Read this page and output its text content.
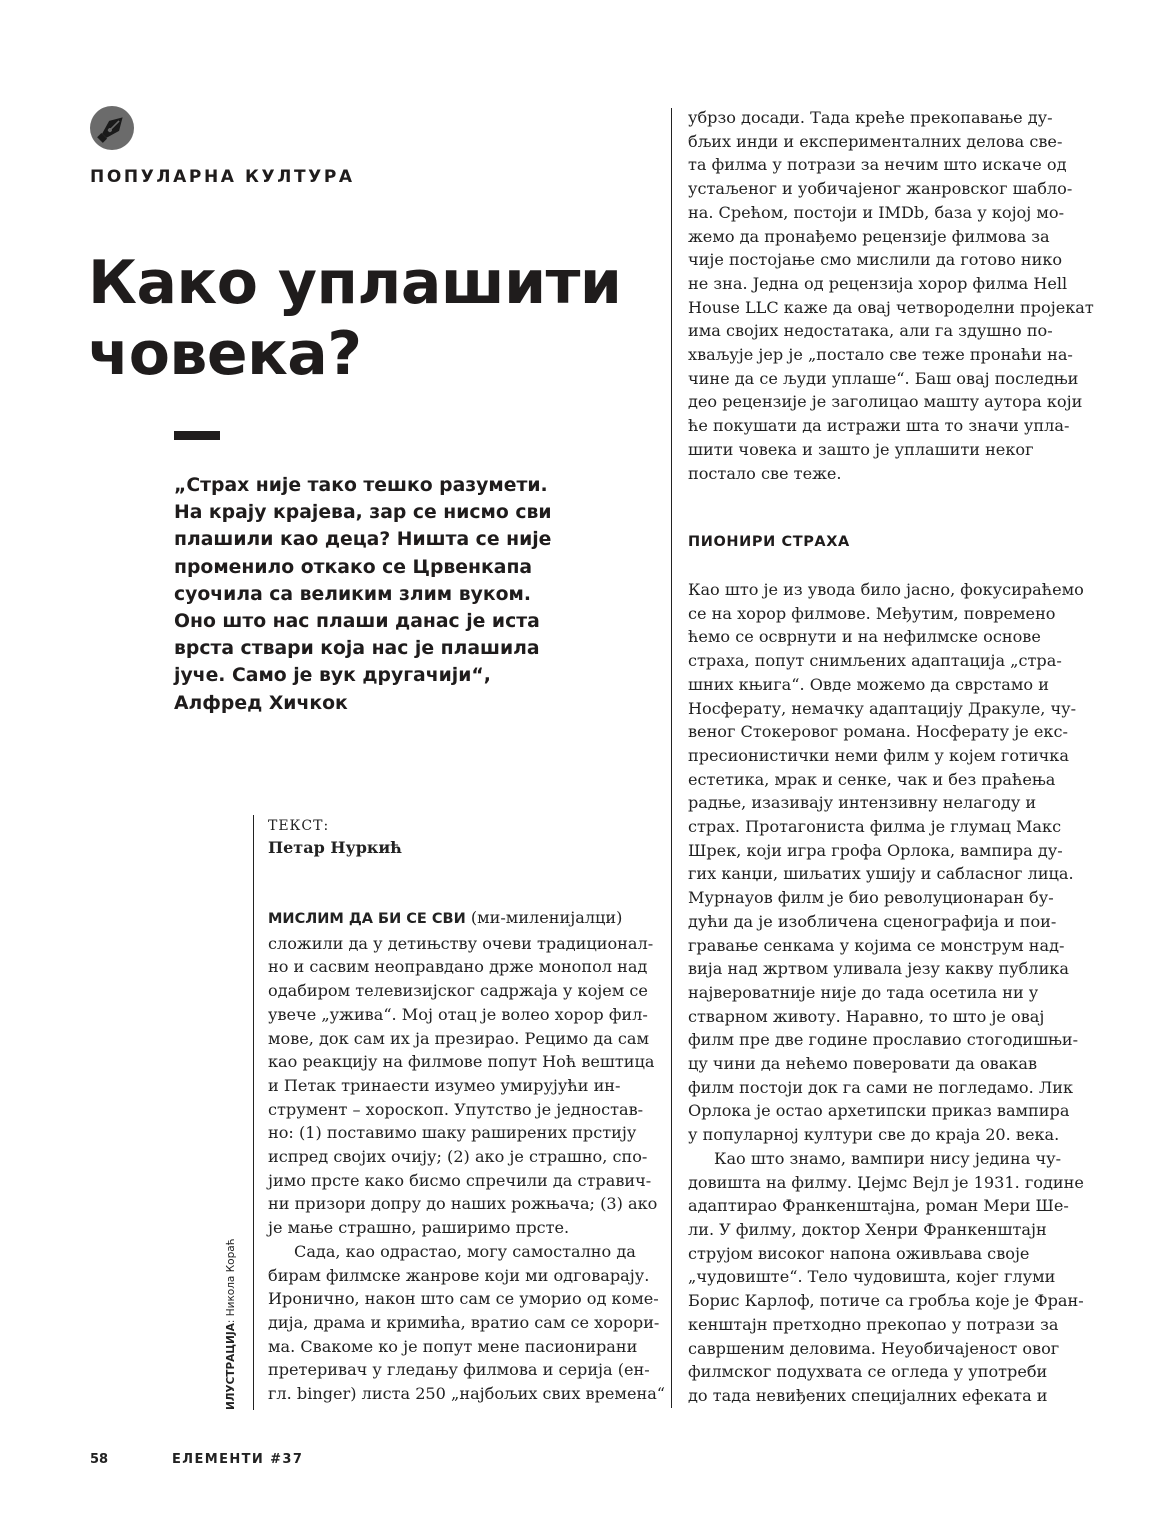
ПОПУЛАРНА КУЛТУРА
Како уплашити
човека?
„Страх није тако тешко разумети.
На крају крајева, зар се нисмо сви
плашили као деца? Ништа се није
променило откако се Црвенкапа
суочила са великим злим вуком.
Оно што нас плаши данас је иста
врста ствари која нас је плашила
јуче. Само је вук другачији“,
Алфред Хичкок
ТЕКСТ:
Петар Нуркић
ИЛУСТРАЦИЈА: Никола Кораћ
МИСЛИМ ДА БИ СЕ СВИ (ми-миленијалци)
сложили да у детињству очеви традиционал-
но и сасвим неоправдано држе монопол над
одабиром телевизијског садржаја у којем се
увече „ужива“. Мој отац је волео хорор фил-
мове, док сам их ја презирао. Рецимо да сам
као реакцију на филмове попут Ноћ вештица
и Петак тринаести изумео умирујући ин-
струмент – хороскоп. Упутство је једностав-
но: (1) поставимо шаку раширених прстију
испред својих очију; (2) ако је страшно, спо-
јимо прсте како бисмо спречили да стравич-
ни призори допру до наших рожњача; (3) ако
је мање страшно, раширимо прсте.
Сада, као одрастао, могу самостално да
бирам филмске жанрове који ми одговарају.
Иронично, након што сам се уморио од коме-
дија, драма и кримића, вратио сам се хорори-
ма. Свакоме ко је попут мене пасионирани
претеривач у гледању филмова и серија (ен-
гл. binger) листа 250 „најбољих свих времена“
убрзо досади. Тада креће прекопавање ду-
бљих инди и експерименталних делова све-
та филма у потрази за нечим што искаче од
устаљеног и уобичајеног жанровског шабло-
на. Срећом, постоји и IMDb, база у којој мо-
жемо да пронађемо рецензије филмова за
чије постојање смо мислили да готово нико
не зна. Једна од рецензија хорор филма Hell
House LLC каже да овај четвороделни пројекат
има својих недостатака, али га здушно по-
хваљује јер је „постало све теже пронаћи на-
чине да се људи уплаше“. Баш овај последњи
део рецензије је заголицао машту аутора који
ће покушати да истражи шта то значи упла-
шити човека и зашто је уплашити неког
постало све теже.
ПИОНИРИ СТРАХА
Као што је из увода било јасно, фокусираћемо
се на хорор филмове. Међутим, повремено
ћемо се осврнути и на нефилмске основе
страха, попут снимљених адаптација „стра-
шних књига“. Овде можемо да сврстамо и
Носферату, немачку адаптацију Дракуле, чу-
веног Стокеровог романа. Носферату је екс-
пресионистички неми филм у којем готичка
естетика, мрак и сенке, чак и без праћења
радње, изазивају интензивну нелагоду и
страх. Протагониста филма је глумац Макс
Шрек, који игра грофа Орлока, вампира ду-
гих канџи, шиљатих ушију и сабласног лица.
Мурнауов филм је био револуционаран бу-
дући да је изобличена сценографија и пои-
гравање сенкама у којима се монструм над-
вија над жртвом уливала језу какву публика
највероватније није до тада осетила ни у
стварном животу. Наравно, то што је овај
филм пре две године прославио стогодишњи-
цу чини да нећемо поверовати да овакав
филм постоји док га сами не погледамо. Лик
Орлока је остао архетипски приказ вампира
у популарној култури све до краја 20. века.
Као што знамо, вампири нису једина чу-
довишта на филму. Џејмс Вејл је 1931. године
адаптирао Франкенштајна, роман Мери Ше-
ли. У филму, доктор Хенри Франкенштајн
струјом високог напона оживљава своје
„чудовиште“. Тело чудовишта, којег глуми
Борис Карлоф, потиче са гробља које је Фран-
кенштајн претходно прекопао у потрази за
савршеним деловима. Неуобичајеност овог
филмског подухвата се огледа у употреби
до тада невиђених специјалних ефеката и
58	ЕЛЕМЕНТИ #37
